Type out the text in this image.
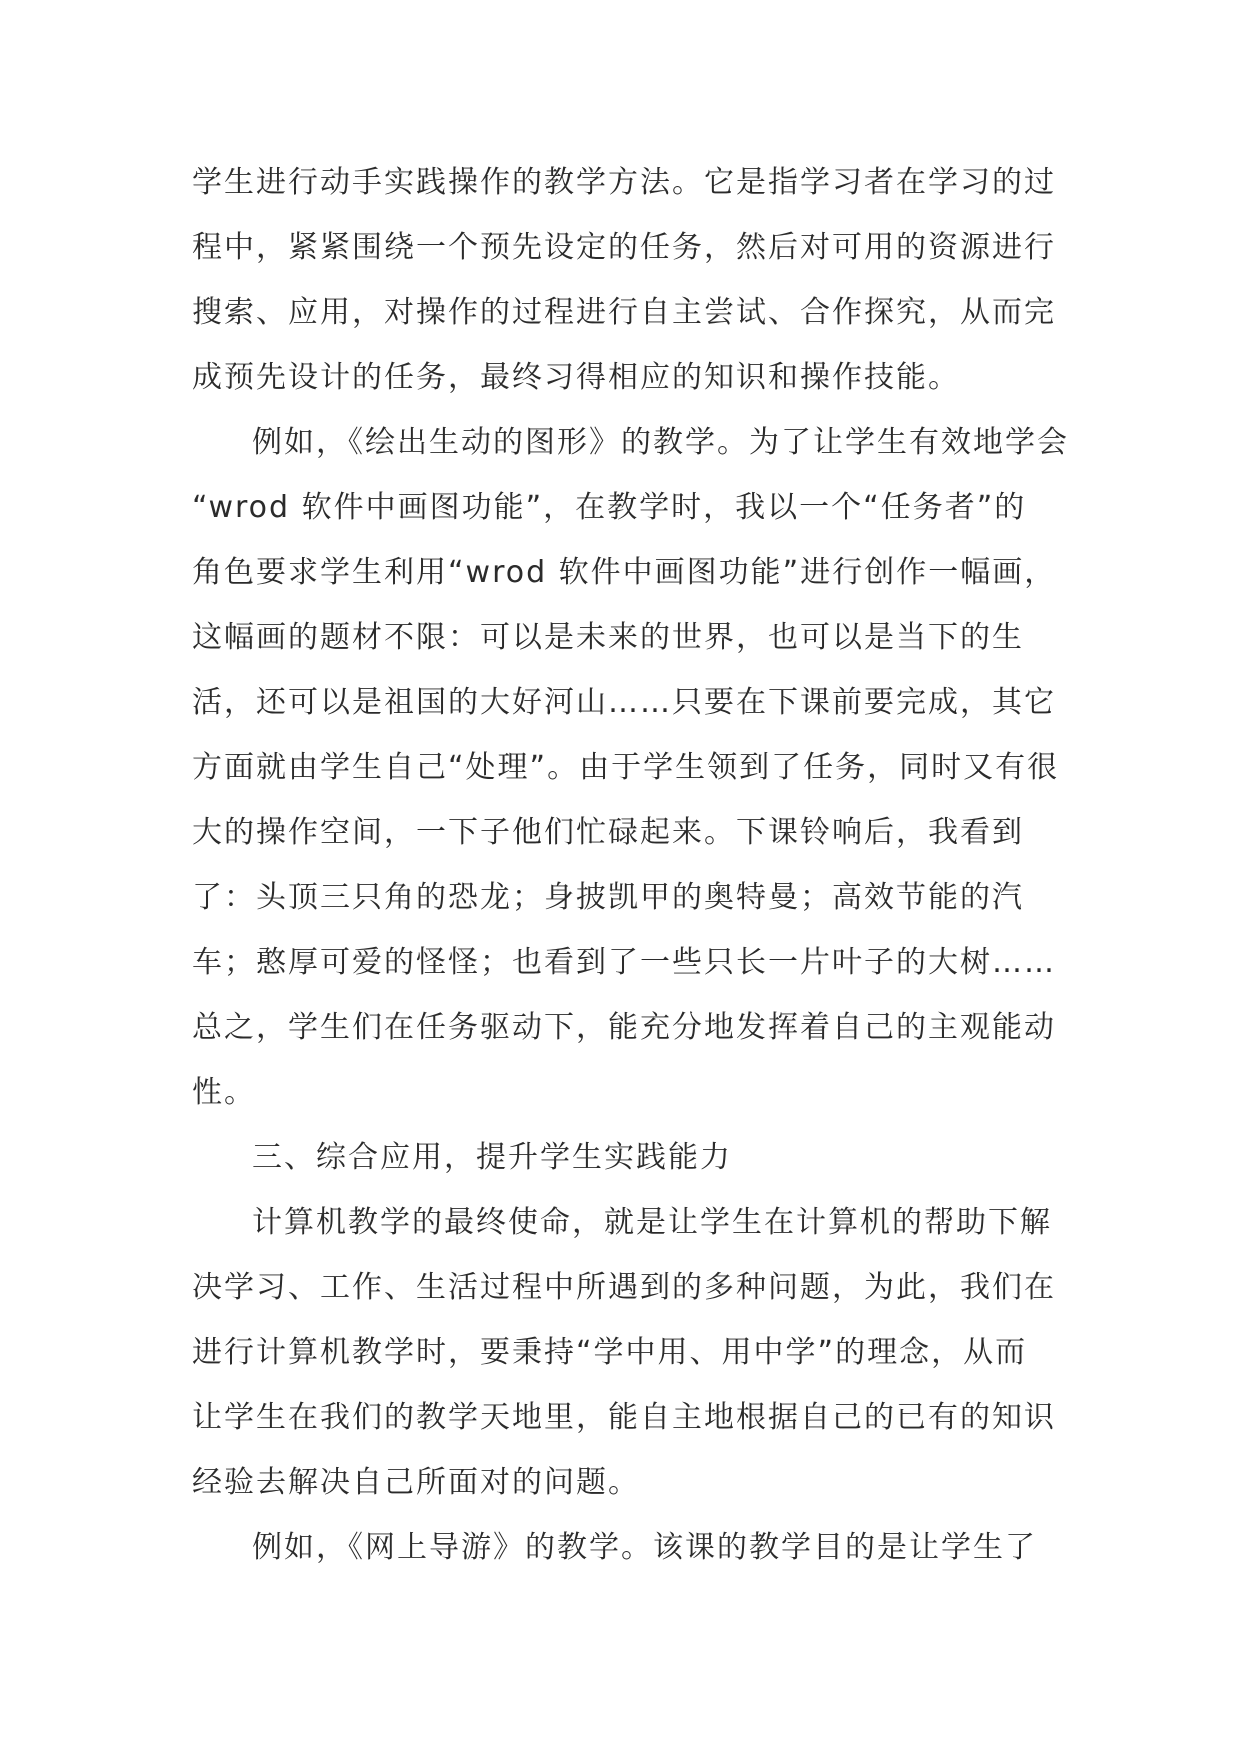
学生进行动手实践操作的教学方法。它是指学习者在学习的过
程中，紧紧围绕一个预先设定的任务，然后对可用的资源进行
搜索、应用，对操作的过程进行自主尝试、合作探究，从而完
成预先设计的任务，最终习得相应的知识和操作技能。
例如，《绘出生动的图形》的教学。为了让学生有效地学会
“wrod 软件中画图功能”，在教学时，我以一个“任务者”的
角色要求学生利用“wrod 软件中画图功能”进行创作一幅画，
这幅画的题材不限：可以是未来的世界，也可以是当下的生
活，还可以是祖国的大好河山……只要在下课前要完成，其它
方面就由学生自己“处理”。由于学生领到了任务，同时又有很
大的操作空间，一下子他们忙碌起来。下课铃响后，我看到
了：头顶三只角的恐龙；身披凯甲的奥特曼；高效节能的汽
车；憨厚可爱的怪怪；也看到了一些只长一片叶子的大树……
总之，学生们在任务驱动下，能充分地发挥着自己的主观能动
性。
三、综合应用，提升学生实践能力
计算机教学的最终使命，就是让学生在计算机的帮助下解
决学习、工作、生活过程中所遇到的多种问题，为此，我们在
进行计算机教学时，要秉持“学中用、用中学”的理念，从而
让学生在我们的教学天地里，能自主地根据自己的已有的知识
经验去解决自己所面对的问题。
例如，《网上导游》的教学。该课的教学目的是让学生了
